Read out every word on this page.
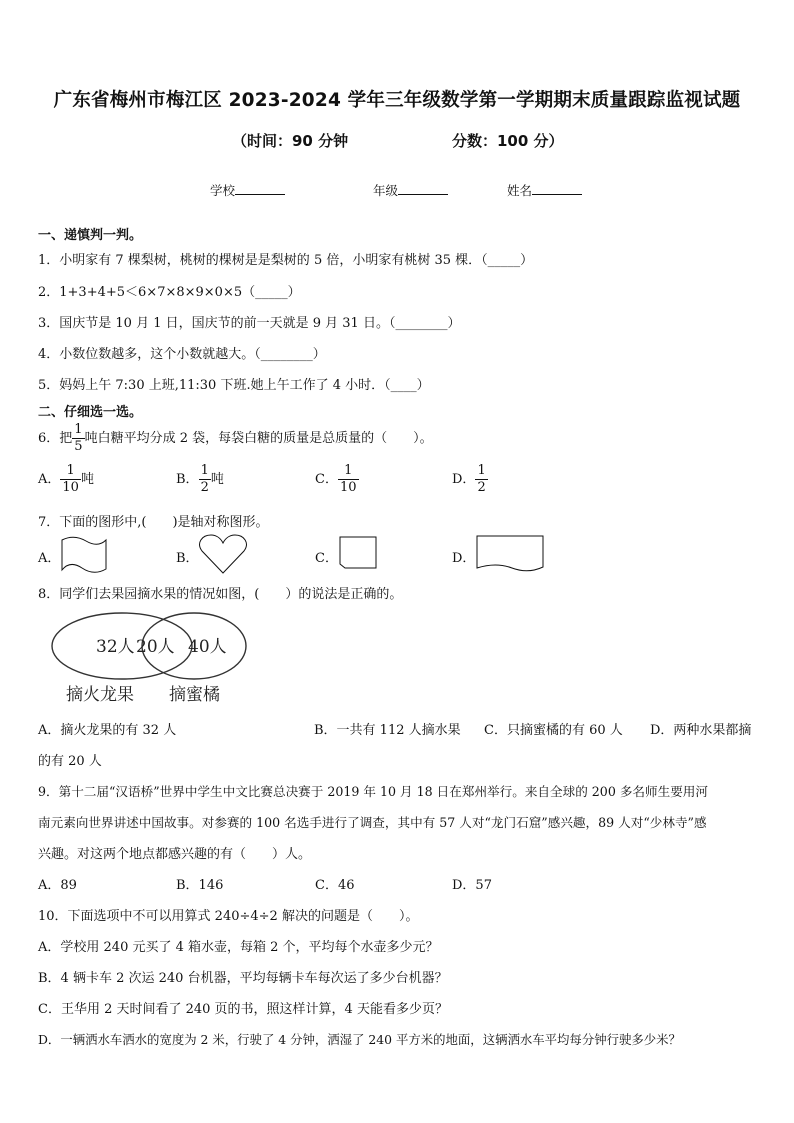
广东省梅州市梅江区 2023-2024 学年三年级数学第一学期期末质量跟踪监视试题
（时间：90 分钟	分数：100 分）
学校	年级	姓名
一、递慎判一判。
1．小明家有 7 棵梨树，桃树的棵树是是梨树的 5 倍，小明家有桃树 35 棵．（_____）
2．1+3+4+5＜6×7×8×9×0×5（_____）
3．国庆节是 10 月 1 日，国庆节的前一天就是 9 月 31 日。（________）
4．小数位数越多，这个小数就越大。（________）
5．妈妈上午 7:30 上班,11:30 下班.她上午工作了 4 小时．（____）
二、仔细选一选。
6．把 $\frac{1}{5}$ 吨白糖平均分成 2 袋，每袋白糖的质量是总质量的（　　）。
A． $\frac{1}{10}$ 吨	B． $\frac{1}{2}$ 吨	C． $\frac{1}{10}$	D． $\frac{1}{2}$
7．下面的图形中,(　　)是轴对称图形。
A．	B．	C．	D．
8．同学们去果园摘水果的情况如图，(　　）的说法是正确的。
32人 20人 40人
摘火龙果 摘蜜橘
A．摘火龙果的有 32 人	B．一共有 112 人摘水果 C．只摘蜜橘的有 60 人 D．两种水果都摘
的有 20 人
9．第十二届“汉语桥”世界中学生中文比赛总决赛于 2019 年 10 月 18 日在郑州举行。来自全球的 200 多名师生要用河
南元素向世界讲述中国故事。对参赛的 100 名选手进行了调查，其中有 57 人对“龙门石窟”感兴趣，89 人对“少林寺”感
兴趣。对这两个地点都感兴趣的有（　　）人。
A．89	B．146	C．46	D．57
10．下面选项中不可以用算式 240÷4÷2 解决的问题是（　　）。
A．学校用 240 元买了 4 箱水壶，每箱 2 个，平均每个水壶多少元？
B．4 辆卡车 2 次运 240 台机器，平均每辆卡车每次运了多少台机器？
C．王华用 2 天时间看了 240 页的书，照这样计算，4 天能看多少页？
D．一辆洒水车洒水的宽度为 2 米，行驶了 4 分钟，洒湿了 240 平方米的地面，这辆洒水车平均每分钟行驶多少米？
